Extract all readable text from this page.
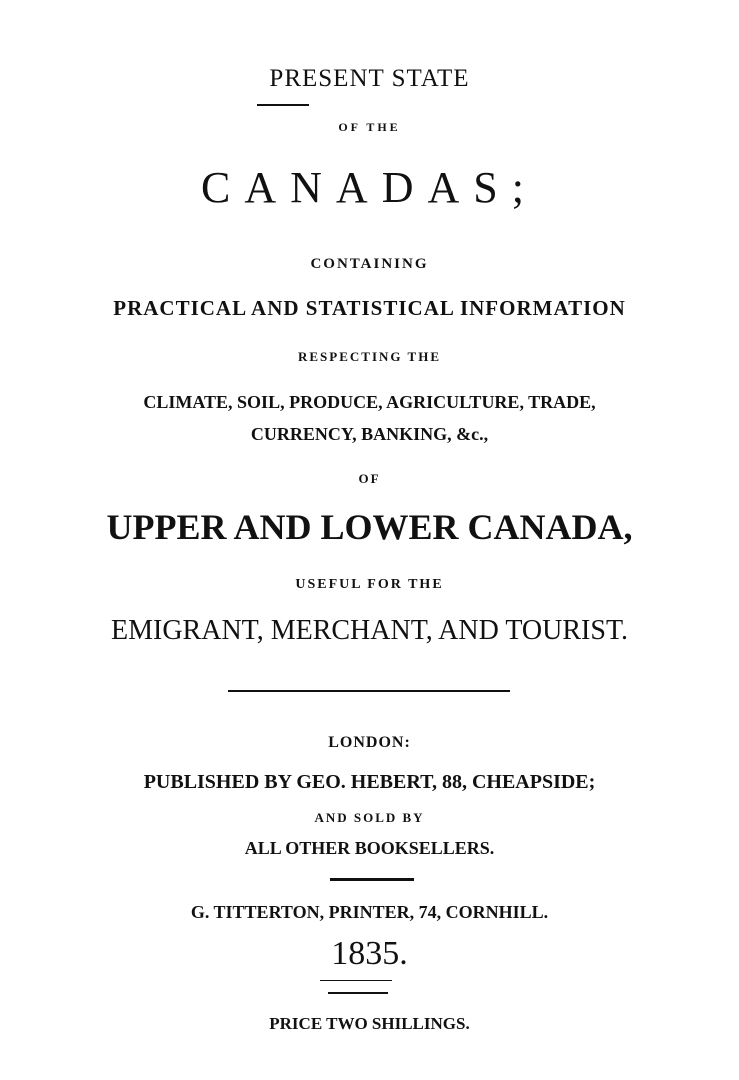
PRESENT STATE
OF THE
CANADAS;
CONTAINING
PRACTICAL AND STATISTICAL INFORMATION
RESPECTING THE
CLIMATE, SOIL, PRODUCE, AGRICULTURE, TRADE,
CURRENCY, BANKING, &c.,
OF
UPPER AND LOWER CANADA,
USEFUL FOR THE
EMIGRANT, MERCHANT, AND TOURIST.
LONDON:
PUBLISHED BY GEO. HEBERT, 88, CHEAPSIDE;
AND SOLD BY
ALL OTHER BOOKSELLERS.
G. TITTERTON, PRINTER, 74, CORNHILL.
1835.
PRICE TWO SHILLINGS.
